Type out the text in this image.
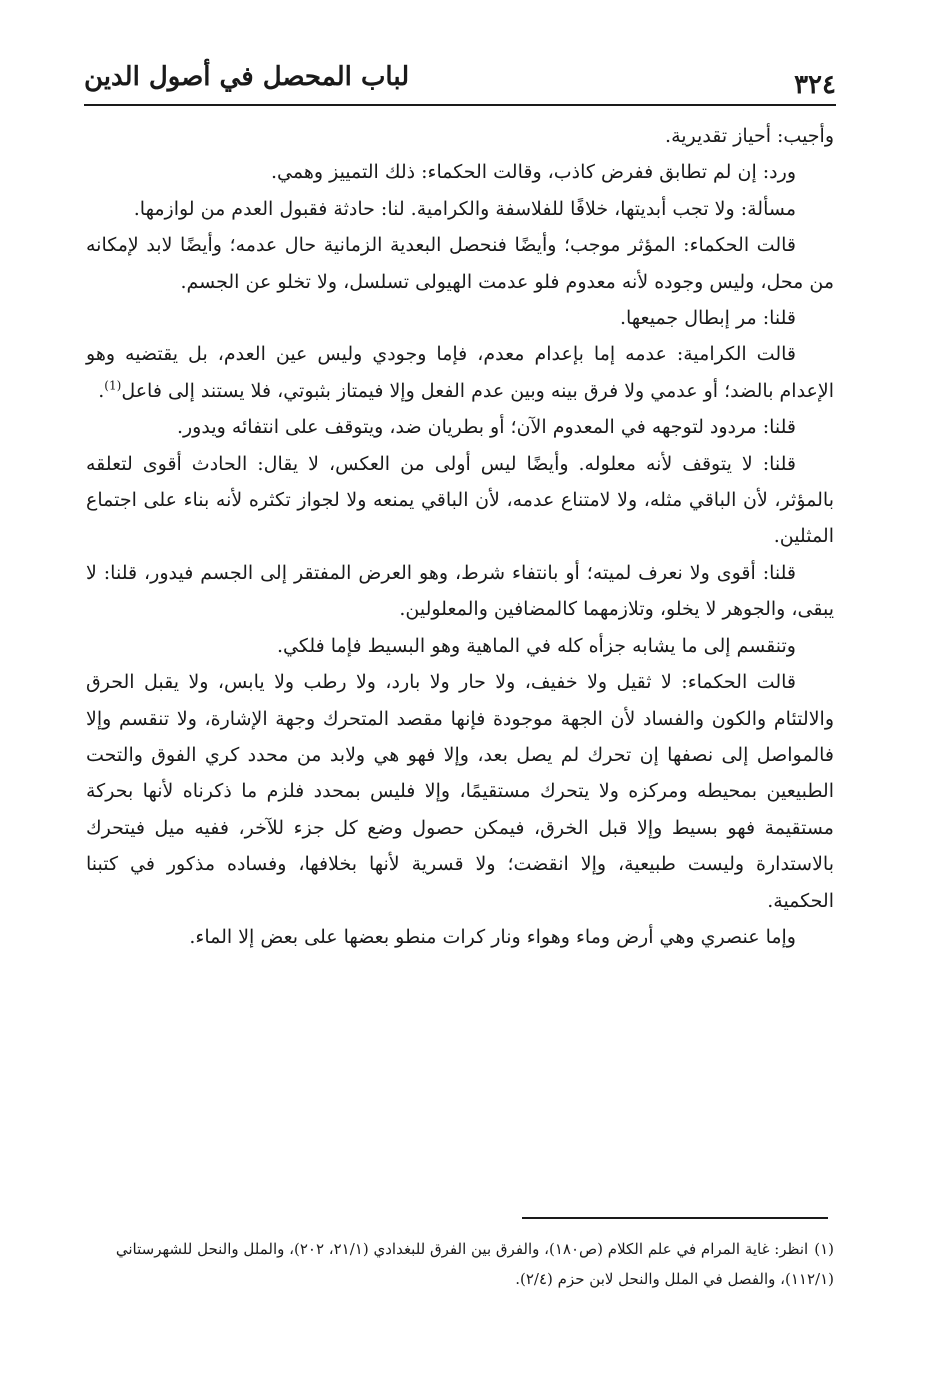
٣٢٤
لباب المحصل في أصول الدين

وأجيب: أحياز تقديرية.

ورد: إن لم تطابق ففرض كاذب، وقالت الحكماء: ذلك التمييز وهمي.

مسألة: ولا تجب أبديتها، خلافًا للفلاسفة والكرامية. لنا: حادثة فقبول العدم من لوازمها.

قالت الحكماء: المؤثر موجب؛ وأيضًا فنحصل البعدية الزمانية حال عدمه؛ وأيضًا لابد لإمكانه من محل، وليس وجوده لأنه معدوم فلو عدمت الهيولى تسلسل، ولا تخلو عن الجسم.

قلنا: مر إبطال جميعها.

قالت الكرامية: عدمه إما بإعدام معدم، فإما وجودي وليس عين العدم، بل يقتضيه وهو الإعدام بالضد؛ أو عدمي ولا فرق بينه وبين عدم الفعل وإلا فيمتاز بثبوتي، فلا يستند إلى فاعل$^{(1)}$.

قلنا: مردود لتوجهه في المعدوم الآن؛ أو بطريان ضد، ويتوقف على انتفائه ويدور.

قلنا: لا يتوقف لأنه معلوله. وأيضًا ليس أولى من العكس، لا يقال: الحادث أقوى لتعلقه بالمؤثر، لأن الباقي مثله، ولا لامتناع عدمه، لأن الباقي يمنعه ولا لجواز تكثره لأنه بناء على اجتماع المثلين.

قلنا: أقوى ولا نعرف لميته؛ أو بانتفاء شرط، وهو العرض المفتقر إلى الجسم فيدور، قلنا: لا يبقى، والجوهر لا يخلو، وتلازمهما كالمضافين والمعلولين.

وتنقسم إلى ما يشابه جزأه كله في الماهية وهو البسيط فإما فلكي.

قالت الحكماء: لا ثقيل ولا خفيف، ولا حار ولا بارد، ولا رطب ولا يابس، ولا يقبل الحرق والالتئام والكون والفساد لأن الجهة موجودة فإنها مقصد المتحرك وجهة الإشارة، ولا تنقسم وإلا فالمواصل إلى نصفها إن تحرك لم يصل بعد، وإلا فهو هي ولابد من محدد كري الفوق والتحت الطبيعين بمحيطه ومركزه ولا يتحرك مستقيمًا، وإلا فليس بمحدد فلزم ما ذكرناه لأنها بحركة مستقيمة فهو بسيط وإلا قبل الخرق، فيمكن حصول وضع كل جزء للآخر، ففيه ميل فيتحرك بالاستدارة وليست طبيعية، وإلا انقضت؛ ولا قسرية لأنها بخلافها، وفساده مذكور في كتبنا الحكمية.

وإما عنصري وهي أرض وماء وهواء ونار كرات منطو بعضها على بعض إلا الماء.

(١)انظر: غاية المرام في علم الكلام (ص١٨٠)، والفرق بين الفرق للبغدادي (٢١/١، ٢٠٢)، والملل والنحل للشهرستاني (١١٢/١)، والفصل في الملل والنحل لابن حزم (٢/٤).
